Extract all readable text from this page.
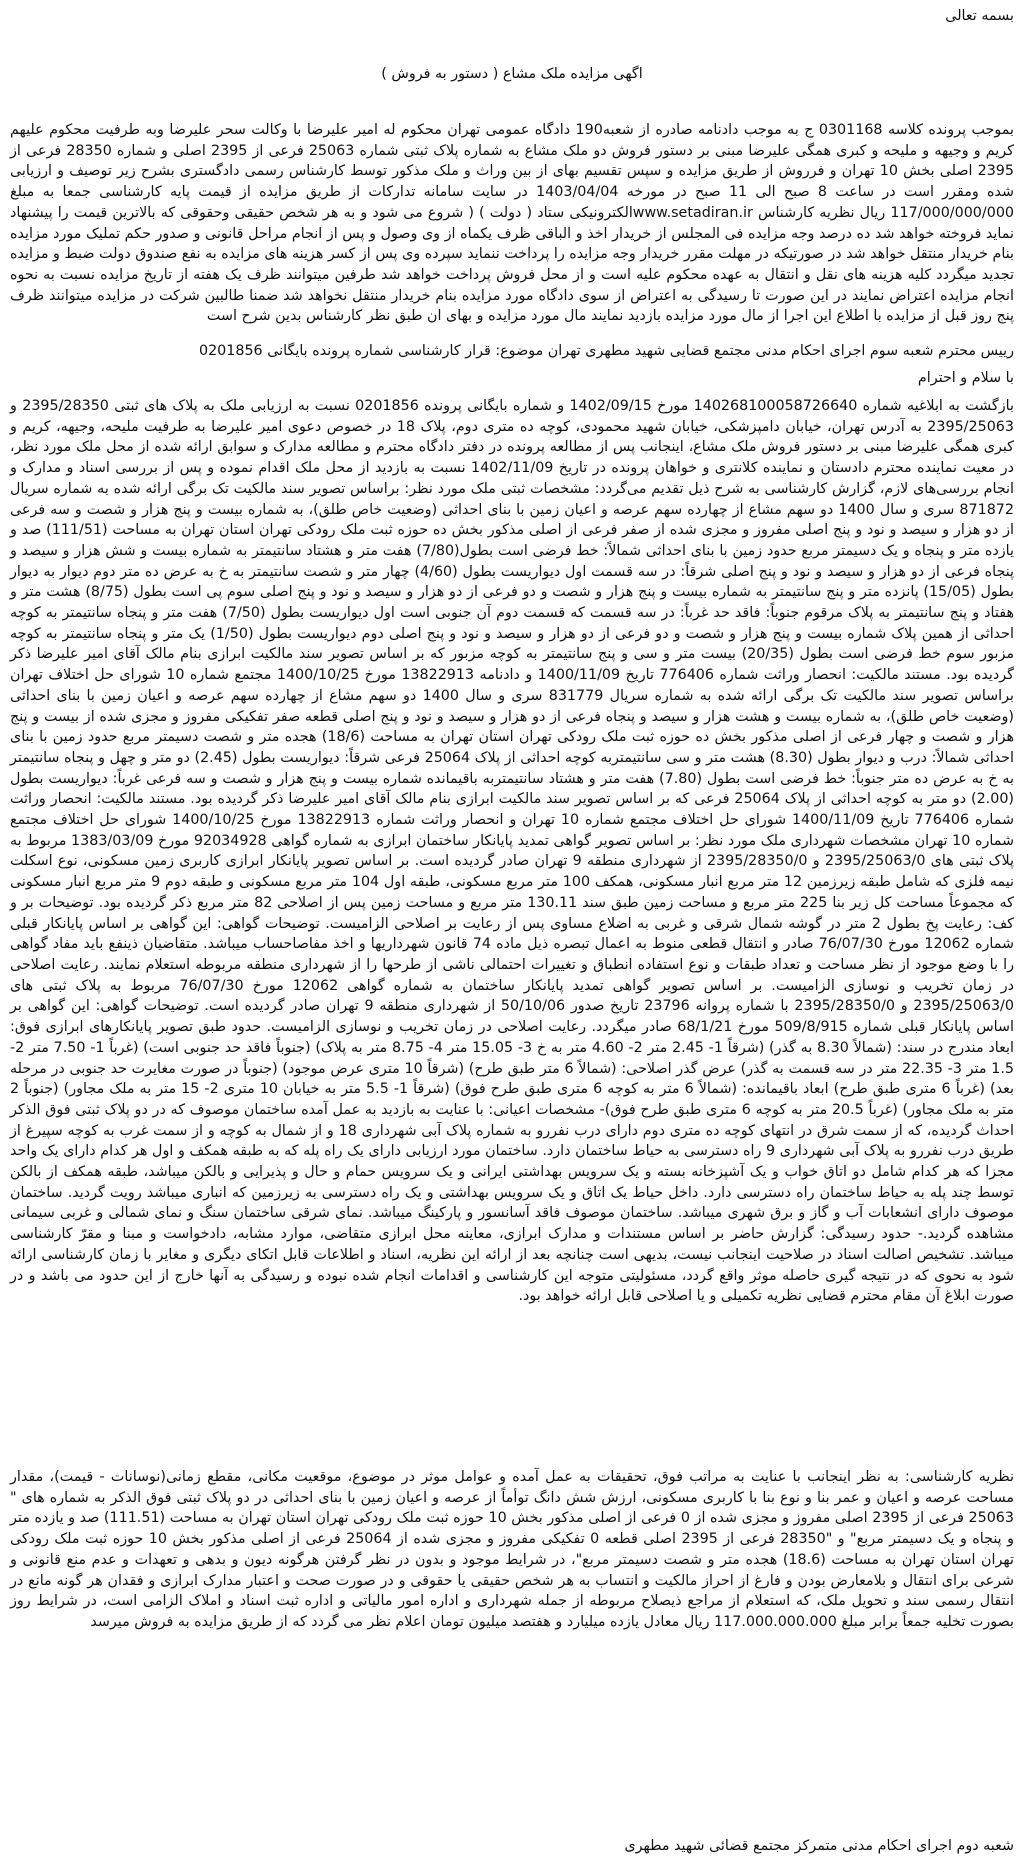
بسمه تعالی

اگهی مزایده ملک مشاع ( دستور به فروش )

بموجب پرونده کلاسه 0301168 ج به موجب دادنامه صادره از شعبه190 دادگاه عمومی تهران محکوم له امیر علیرضا با وکالت سحر علیرضا وبه طرفیت محکوم علیهم کریم و وجیهه و ملیحه و کبری همگی علیرضا مبنی بر دستور فروش دو ملک مشاع به شماره پلاک ثبتی شماره 25063 فرعی از 2395 اصلی و شماره 28350 فرعی از 2395 اصلی بخش 10 تهران و فرروش از طریق مزایده و سپس تقسیم بهای از بین وراث و ملک مذکور توسط کارشناس رسمی دادگستری بشرح زیر توصیف و ارزیابی شده ومقرر است در ساعت 8 صبح الی 11 صبح در مورخه 1403/04/04 در سایت سامانه تدارکات از طریق مزایده از قیمت پایه کارشناسی جمعا به مبلغ 117/000/000/000 ریال نظریه کارشناس www.setadiran.irالکترونیکی ستاد ( دولت ) ( شروع می شود و به هر شخص حقیقی وحقوقی که بالاترین قیمت را پیشنهاد نماید فروخته خواهد شد ده درصد وجه مزایده فی المجلس از خریدار اخذ و الباقی ظرف یکماه از وی وصول و پس از انجام مراحل قانونی و صدور حکم تملیک مورد مزایده بنام خریدار منتقل خواهد شد در صورتیکه در مهلت مقرر خریدار وجه مزایده را پرداخت ننماید سپرده وی پس از کسر هزینه های مزایده به نفع صندوق دولت ضبط و مزایده تجدید میگردد کلیه هزینه های نقل و انتقال به عهده محکوم علیه است و از محل فروش پرداخت خواهد شد طرفین میتوانند ظرف یک هفته از تاریخ مزایده نسبت به نحوه انجام مزایده اعتراض نمایند در این صورت تا رسیدگی به اعتراض از سوی دادگاه مورد مزایده بنام خریدار منتقل نخواهد شد ضمنا طالبین شرکت در مزایده میتوانند ظرف پنج روز قبل از مزایده با اطلاع این اجرا از مال مورد مزایده بازدید نمایند مال مورد مزایده و بهای ان طبق نظر کارشناس بدین شرح است

رییس محترم شعبه سوم اجرای احکام مدنی مجتمع قضایی شهید مطهری تهران موضوع: قرار کارشناسی شماره پرونده بایگانی 0201856

با سلام و احترام

بازگشت به ابلاغیه شماره 140268100058726640 مورخ 1402/09/15 و شماره بایگانی پرونده 0201856 نسبت به ارزیابی ملک به پلاک های ثبتی 2395/28350 و 2395/25063 به آدرس تهران، خیابان دامپزشکی، خیابان شهید محمودی، کوچه ده متری دوم، پلاک 18 در خصوص دعوی امیر علیرضا به طرفیت ملیحه، وجیهه، کریم و کبری همگی علیرضا مبنی بر دستور فروش ملک مشاع، اینجانب پس از مطالعه پرونده در دفتر دادگاه محترم و مطالعه مدارک و سوابق ارائه شده از محل ملک مورد نظر، در معیت نماینده محترم دادستان و نماینده کلانتری و خواهان پرونده در تاریخ 1402/11/09 نسبت به بازدید از محل ملک اقدام نموده و پس از بررسی اسناد و مدارک و انجام بررسی‌های لازم، گزارش کارشناسی به شرح ذیل تقدیم می‌گردد: مشخصات ثبتی ملک مورد نظر: براساس تصویر سند مالکیت تک برگی ارائه شده به شماره سریال 871872 سری و سال 1400 دو سهم مشاع از چهارده سهم عرصه و اعیان زمین با بنای احداثی (وضعیت خاص طلق)، به شماره بیست و پنج هزار و شصت و سه فرعی از دو هزار و سیصد و نود و پنج اصلی مفروز و مجزی شده از صفر فرعی از اصلی مذکور بخش ده حوزه ثبت ملک رودکی تهران استان تهران به مساحت (111/51) صد و یازده متر و پنجاه و یک دسیمتر مربع حدود زمین با بنای احداثی شمالاً: خط فرضی است بطول(7/80) هفت متر و هشتاد سانتیمتر به شماره بیست و شش هزار و سیصد و پنجاه فرعی از دو هزار و سیصد و نود و پنج اصلی شرقاً: در سه قسمت اول دیواریست بطول (4/60) چهار متر و شصت سانتیمتر به خ به عرض ده متر دوم دیوار به دیوار بطول (15/05) پانزده متر و پنج سانتیمتر به شماره بیست و پنج هزار و شصت و دو فرعی از دو هزار و سیصد و نود و پنج اصلی سوم پی است بطول (8/75) هشت متر و هفتاد و پنج سانتیمتر به پلاک مرقوم جنوباً: فاقد حد غرباً: در سه قسمت که قسمت دوم آن جنوبی است اول دیواریست بطول (7/50) هفت متر و پنجاه سانتیمتر به کوچه احداثی از همین پلاک شماره بیست و پنج هزار و شصت و دو فرعی از دو هزار و سیصد و نود و پنج اصلی دوم دیواریست بطول (1/50) یک متر و پنجاه سانتیمتر به کوچه مزبور سوم خط فرضی است بطول (20/35) بیست متر و سی و پنج سانتیمتر به کوچه مزبور که بر اساس تصویر سند مالکیت ابرازی بنام مالک آقای امیر علیرضا ذکر گردیده بود. مستند مالکیت: انحصار وراثت شماره 776406 تاریخ 1400/11/09 و دادنامه 13822913 مورخ 1400/10/25 مجتمع شماره 10 شورای حل اختلاف تهران براساس تصویر سند مالکیت تک برگی ارائه شده به شماره سریال 831779 سری و سال 1400 دو سهم مشاع از چهارده سهم عرصه و اعیان زمین با بنای احداثی (وضعیت خاص طلق)، به شماره بیست و هشت هزار و سیصد و پنجاه فرعی از دو هزار و سیصد و نود و پنج اصلی قطعه صفر تفکیکی مفروز و مجزی شده از بیست و پنج هزار و شصت و چهار فرعی از اصلی مذکور بخش ده حوزه ثبت ملک رودکی تهران استان تهران به مساحت (18/6) هجده متر و شصت دسیمتر مربع حدود زمین با بنای احداثی شمالاً: درب و دیوار بطول (8.30) هشت متر و سی سانتیمتربه کوچه احداثی از پلاک 25064 فرعی شرقاً: دیواریست بطول (2.45) دو متر و چهل و پنجاه سانتیمتر به خ به عرض ده متر جنوباً: خط فرضی است بطول (7.80) هفت متر و هشتاد سانتیمتربه باقیمانده شماره بیست و پنج هزار و شصت و سه فرعی غرباً: دیواریست بطول (2.00) دو متر به کوچه احداثی از پلاک 25064 فرعی که بر اساس تصویر سند مالکیت ابرازی بنام مالک آقای امیر علیرضا ذکر گردیده بود. مستند مالکیت: انحصار وراثت شماره 776406 تاریخ 1400/11/09 شورای حل اختلاف مجتمع شماره 10 تهران و انحصار وراثت شماره 13822913 مورخ 1400/10/25 شورای حل اختلاف مجتمع شماره 10 تهران مشخصات شهرداری ملک مورد نظر: بر اساس تصویر گواهی تمدید پایانکار ساختمان ابرازی به شماره گواهی 92034928 مورخ 1383/03/09 مربوط به پلاک ثبتی های 2395/25063/0 و 2395/28350/0 از شهرداری منطقه 9 تهران صادر گردیده است. بر اساس تصویر پایانکار ابرازی کاربری زمین مسکونی، نوع اسکلت نیمه فلزی که شامل طبقه زیرزمین 12 متر مربع انبار مسکونی، همکف 100 متر مربع مسکونی، طبقه اول 104 متر مربع مسکونی و طبقه دوم 9 متر مربع انبار مسکونی که مجموعاً مساحت کل زیر بنا 225 متر مربع و مساحت زمین طبق سند 130.11 متر مربع و مساحت زمین پس از اصلاحی 82 متر مربع ذکر گردیده بود. توضیحات بر و کف: رعایت پخ بطول 2 متر در گوشه شمال شرقی و غربی به اضلاع مساوی پس از رعایت بر اصلاحی الزامیست. توضیحات گواهی: این گواهی بر اساس پایانکار قبلی شماره 12062 مورخ 76/07/30 صادر و انتقال قطعی منوط به اعمال تبصره ذیل ماده 74 قانون شهرداریها و اخذ مفاصاحساب میباشد. متقاضیان ذینفع باید مفاد گواهی را با وضع موجود از نظر مساحت و تعداد طبقات و نوع استفاده انطباق و تغییرات احتمالی ناشی از طرحها را از شهرداری منطقه مربوطه استعلام نمایند. رعایت اصلاحی در زمان تخریب و نوسازی الزامیست. بر اساس تصویر گواهی تمدید پایانکار ساختمان به شماره گواهی 12062 مورخ 76/07/30 مربوط به پلاک ثبتی های 2395/25063/0 و 2395/28350/0 با شماره پروانه 23796 تاریخ صدور 50/10/06 از شهرداری منطقه 9 تهران صادر گردیده است. توضیحات گواهی: این گواهی بر اساس پایانکار قبلی شماره 509/8/915 مورخ 68/1/21 صادر میگردد. رعایت اصلاحی در زمان تخریب و نوسازی الزامیست. حدود طبق تصویر پایانکارهای ابرازی فوق: ابعاد مندرج در سند: (شمالاً 8.30 به گذر) (شرقاً 1- 2.45 متر 2- 4.60 متر به خ 3- 15.05 متر 4- 8.75 متر به پلاک) (جنوباً فاقد حد جنوبی است) (غرباً 1- 7.50 متر 2- 1.5 متر 3- 22.35 متر در سه قسمت به گذر) عرض گذر اصلاحی: (شمالاً 6 متر طبق طرح) (شرقاً 10 متری عرض موجود) (جنوباً در صورت مغایرت حد جنوبی در مرحله بعد) (غرباً 6 متری طبق طرح) ابعاد باقیمانده: (شمالاً 6 متر به کوچه 6 متری طبق طرح فوق) (شرقاً 1- 5.5 متر به خیابان 10 متری 2- 15 متر به ملک مجاور) (جنوباً 2 متر به ملک مجاور) (غرباً 20.5 متر به کوچه 6 متری طبق طرح فوق)- مشخصات اعیانی: با عنایت به بازدید به عمل آمده ساختمان موصوف که در دو پلاک ثبتی فوق الذکر احداث گردیده، که از سمت شرق در انتهای کوچه ده متری دوم دارای درب نفررو به شماره پلاک آبی شهرداری 18 و از شمال به کوچه و از سمت غرب به کوچه سپیرغ از طریق درب نفررو به پلاک آبی شهرداری 9 راه دسترسی به حیاط ساختمان دارد. ساختمان مورد ارزیابی دارای یک راه پله که به طبقه همکف و اول هر کدام دارای یک واحد مجزا که هر کدام شامل دو اتاق خواب و یک آشپزخانه بسته و یک سرویس بهداشتی ایرانی و یک سرویس حمام و حال و پذیرایی و بالکن میباشد، طبقه همکف از بالکن توسط چند پله به حیاط ساختمان راه دسترسی دارد. داخل حیاط یک اتاق و یک سرویس بهداشتی و یک راه دسترسی به زیرزمین که انباری میباشد رویت گردید. ساختمان موصوف دارای انشعابات آب و گاز و برق شهری میباشد. ساختمان موصوف فاقد آسانسور و پارکینگ میباشد. نمای شرقی ساختمان سنگ و نمای شمالی و غربی سیمانی مشاهده گردید.- حدود رسیدگی: گزارش حاضر بر اساس مستندات و مدارک ابرازی، معاینه محل ابرازی متقاضی، موارد مشابه، دادخواست و مبنا و مقرّ کارشناسی میباشد. تشخیص اصالت اسناد در صلاحیت اینجانب نیست، بدیهی است چنانچه بعد از ارائه این نظریه، اسناد و اطلاعات قابل اتکای دیگری و مغایر با زمان کارشناسی ارائه شود به نحوی که در نتیجه گیری حاصله موثر واقع گردد، مسئولیتی متوجه این کارشناسی و اقدامات انجام شده نبوده و رسیدگی به آنها خارج از این حدود می باشد و در صورت ابلاغ آن مقام محترم قضایی نظریه تکمیلی و یا اصلاحی قابل ارائه خواهد بود.

نظریه کارشناسی: به نظر اینجانب با عنایت به مراتب فوق، تحقیقات به عمل آمده و عوامل موثر در موضوع، موقعیت مکانی، مقطع زمانی(نوسانات - قیمت)، مقدار مساحت عرصه و اعیان و عمر بنا و نوع بنا با کاربری مسکونی، ارزش شش دانگ توأماً از عرصه و اعیان زمین با بنای احداثی در دو پلاک ثبتی فوق الذکر به شماره های " 25063 فرعی از 2395 اصلی مفروز و مجزی شده از 0 فرعی از اصلی مذکور بخش 10 حوزه ثبت ملک رودکی تهران استان تهران به مساحت (111.51) صد و یازده متر و پنجاه و یک دسیمتر مربع" و "28350 فرعی از 2395 اصلی قطعه 0 تفکیکی مفروز و مجزی شده از 25064 فرعی از اصلی مذکور بخش 10 حوزه ثبت ملک رودکی تهران استان تهران به مساحت (18.6) هجده متر و شصت دسیمتر مربع"، در شرایط موجود و بدون در نظر گرفتن هرگونه دیون و بدهی و تعهدات و عدم منع قانونی و شرعی برای انتقال و بلامعارض بودن و فارغ از احراز مالکیت و انتساب به هر شخص حقیقی یا حقوقی و در صورت صحت و اعتبار مدارک ابرازی و فقدان هر گونه مانع در انتقال رسمی سند و تحویل ملک، که استعلام از مراجع ذیصلاح مربوطه از جمله شهرداری و اداره امور مالیاتی و اداره ثبت اسناد و املاک الزامی است، در شرایط روز بصورت تخلیه جمعاً برابر مبلغ 117.000.000.000 ریال معادل یازده میلیارد و هفتصد میلیون تومان اعلام نظر می گردد که از طریق مزایده به فروش میرسد

شعبه دوم اجرای احکام مدنی متمرکز مجتمع قضائی شهید مطهری
